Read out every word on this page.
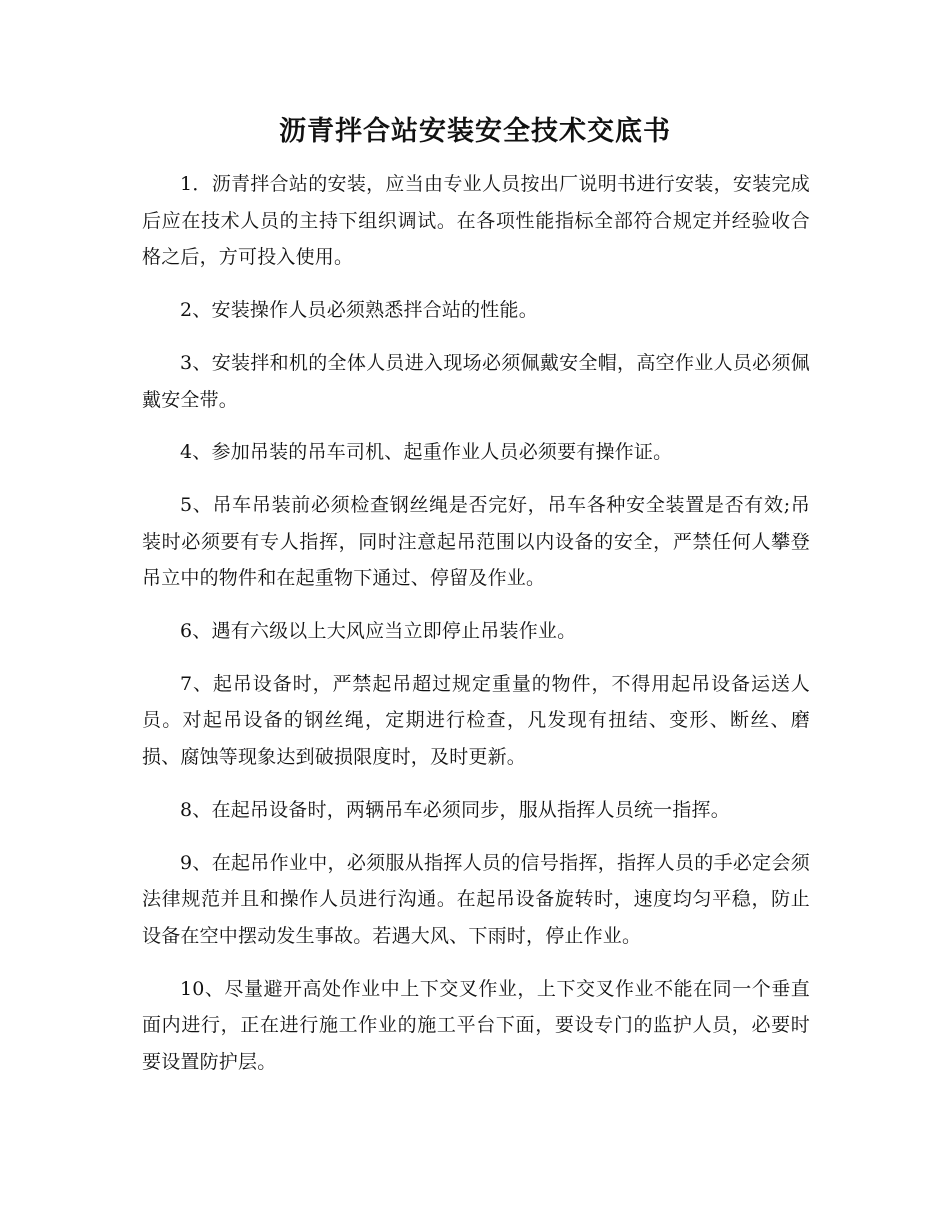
沥青拌合站安装安全技术交底书

1．沥青拌合站的安装，应当由专业人员按出厂说明书进行安装，安装完成后应在技术人员的主持下组织调试。在各项性能指标全部符合规定并经验收合格之后，方可投入使用。

2、安装操作人员必须熟悉拌合站的性能。

3、安装拌和机的全体人员进入现场必须佩戴安全帽，高空作业人员必须佩戴安全带。

4、参加吊装的吊车司机、起重作业人员必须要有操作证。

5、吊车吊装前必须检查钢丝绳是否完好，吊车各种安全装置是否有效;吊装时必须要有专人指挥，同时注意起吊范围以内设备的安全，严禁任何人攀登吊立中的物件和在起重物下通过、停留及作业。

6、遇有六级以上大风应当立即停止吊装作业。

7、起吊设备时，严禁起吊超过规定重量的物件，不得用起吊设备运送人员。对起吊设备的钢丝绳，定期进行检查，凡发现有扭结、变形、断丝、磨损、腐蚀等现象达到破损限度时，及时更新。

8、在起吊设备时，两辆吊车必须同步，服从指挥人员统一指挥。

9、在起吊作业中，必须服从指挥人员的信号指挥，指挥人员的手必定会须法律规范并且和操作人员进行沟通。在起吊设备旋转时，速度均匀平稳，防止设备在空中摆动发生事故。若遇大风、下雨时，停止作业。

10、尽量避开高处作业中上下交叉作业，上下交叉作业不能在同一个垂直面内进行，正在进行施工作业的施工平台下面，要设专门的监护人员，必要时要设置防护层。
